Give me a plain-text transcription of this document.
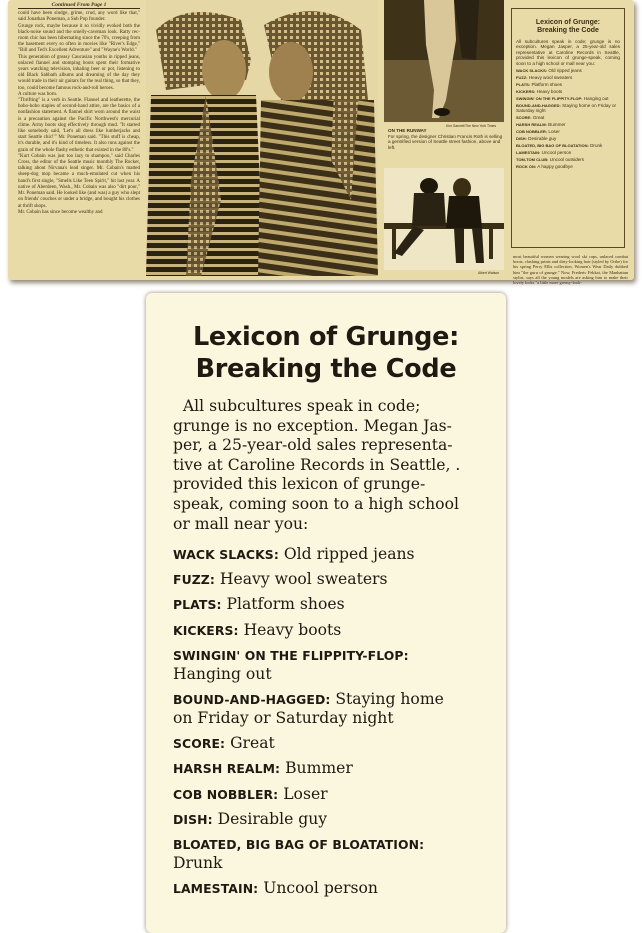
Continued From Page 1

could have been sludge, grime, crud, any word like that," said Jonathan Poneman, a Sub Pop founder.

Grunge rock, maybe because it so vividly evoked both the black-noise sound and the smelly-caveman look. Ratty rec-room chic has been hibernating since the 70's, creeping from the basement every so often in movies like "River's Edge," "Bill and Ted's Excellent Adventure" and "Wayne's World."

This generation of greasy Caucasian youths in ripped jeans, unlaced flannel and stomping boots spent their formative years watching television, inhaling beer or pot, listening to old Black Sabbath albums and dreaming of the day they would trade in their air guitars for the real thing, so that they, too, could become famous rock-and-roll heroes.

A culture was born.

"Thrifting" is a verb in Seattle. Flannel and leatherette, the boho-hobo staples of second-hand attire, are the basics of a nonfashion statement. A flannel shirt worn around the waist is a precaution against the Pacific Northwest's mercurial clime. Army boots slog effectively through mud. "It started like somebody said, 'Let's all dress like lumberjacks and start Seattle chic!'" Mr. Poneman said. "This stuff is cheap, it's durable, and it's kind of timeless. It also runs against the grain of the whole flashy esthetic that existed in the 80's."

"Kurt Cobain was just too lazy to shampoo," said Charles Cross, the editor of the Seattle music monthly The Rocket, talking about Nirvana's lead singer. Mr. Cobain's matted sheep-dog mop became a much-emulated cut when his band's first single, "Smells Like Teen Spirit," hit last year. A native of Aberdeen, Wash., Mr. Cobain was also "dirt poor," Mr. Poneman said. He looked like (and was) a guy who slept on friends' couches or under a bridge, and bought his clothes at thrift shops.

Mr. Cobain has since become wealthy and

Kim Garnett/The New York Times
ON THE RUNWAY
For spring, the designer Christian Francis Roth is selling a gentrified version of Seattle street fashion, above and left.
Albert Watson
Lexicon of Grunge:
Breaking the Code

All subcultures speak in code; grunge is no exception. Megan Jasper, a 25-year-old sales representative at Caroline Records in Seattle, provided this lexicon of grunge-speak, coming soon to a high school or mall near you:

WACK SLACKS: Old ripped jeans

FUZZ: Heavy wool sweaters

PLATS: Platform shoes

KICKERS: Heavy boots

SWINGIN' ON THE FLIPPITY-FLOP: Hanging out

BOUND-AND-HAGGED: Staying home on Friday or Saturday night

SCORE: Great

HARSH REALM: Bummer

COB NOBBLER: Loser

DISH: Desirable guy

BLOATED, BIG BAG OF BLOATATION: Drunk

LAMESTAIN: Uncool person

TOM-TOM CLUB: Uncool outsiders

ROCK ON: A happy goodbye

most beautiful women wearing wool ski caps, unlaced combat boots, clashing prints and dirty-looking hair (styled by Oribe) for his spring Perry Ellis collection, Women's Wear Daily dubbed him "the guru of grunge." Now, Frederic Fekkai, the Manhattan stylist, says all the young models are asking him to make their lovely locks "a little more greasy-look-
Lexicon of Grunge:
Breaking the Code
All subcultures speak in code;
grunge is no exception. Megan Jas-
per, a 25-year-old sales representa-
tive at Caroline Records in Seattle, .
provided this lexicon of grunge-
speak, coming soon to a high school
or mall near you:

WACK SLACKS: Old ripped jeans

FUZZ: Heavy wool sweaters

PLATS: Platform shoes

KICKERS: Heavy boots

SWINGIN' ON THE FLIPPITY-FLOP:
Hanging out

BOUND-AND-HAGGED: Staying home
on Friday or Saturday night

SCORE: Great

HARSH REALM: Bummer

COB NOBBLER: Loser

DISH: Desirable guy

BLOATED, BIG BAG OF BLOATATION:
Drunk

LAMESTAIN: Uncool person
